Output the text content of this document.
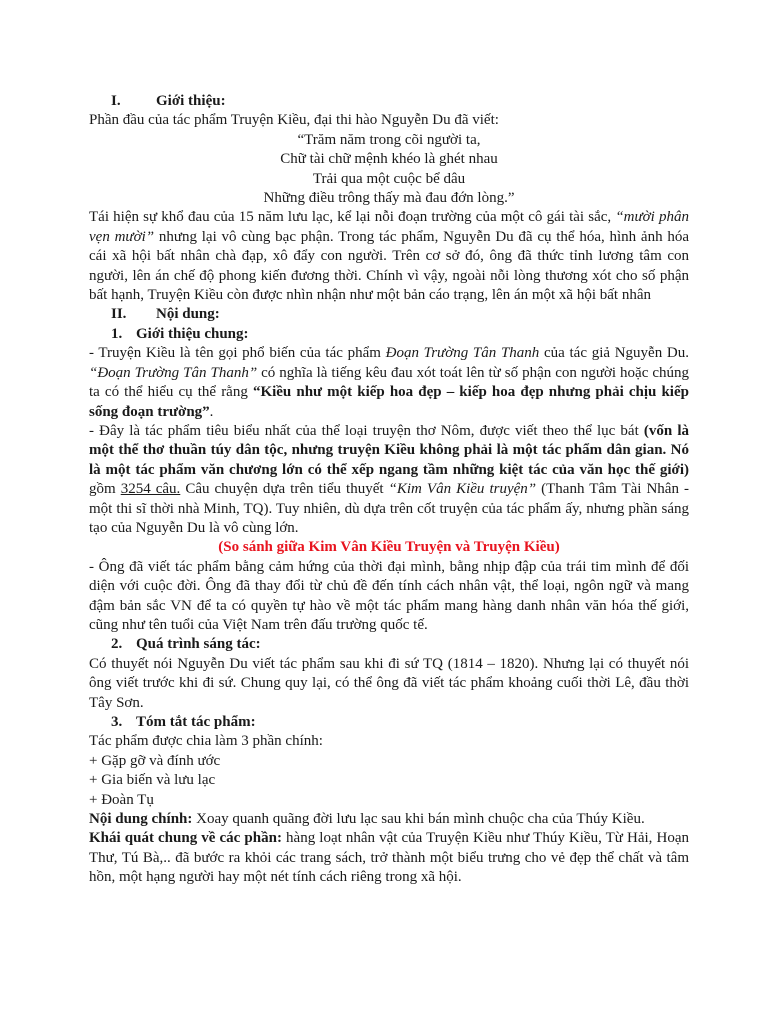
I. Giới thiệu:

Phần đầu của tác phẩm Truyện Kiều, đại thi hào Nguyễn Du đã viết:

“Trăm năm trong cõi người ta,

Chữ tài chữ mệnh khéo là ghét nhau

Trải qua một cuộc bể dâu

Những điều trông thấy mà đau đớn lòng.”

Tái hiện sự khổ đau của 15 năm lưu lạc, kể lại nỗi đoạn trường của một cô gái tài sắc, “mười phân vẹn mười” nhưng lại vô cùng bạc phận. Trong tác phẩm, Nguyễn Du đã cụ thể hóa, hình ảnh hóa cái xã hội bất nhân chà đạp, xô đẩy con người. Trên cơ sở đó, ông đã thức tỉnh lương tâm con người, lên án chế độ phong kiến đương thời. Chính vì vậy, ngoài nỗi lòng thương xót cho số phận bất hạnh, Truyện Kiều còn được nhìn nhận như một bản cáo trạng, lên án một xã hội bất nhân

II. Nội dung:

1. Giới thiệu chung:

- Truyện Kiều là tên gọi phổ biến của tác phẩm Đoạn Trường Tân Thanh của tác giả Nguyễn Du. “Đoạn Trường Tân Thanh” có nghĩa là tiếng kêu đau xót toát lên từ số phận con người hoặc chúng ta có thể hiểu cụ thể rằng “Kiều như một kiếp hoa đẹp – kiếp hoa đẹp nhưng phải chịu kiếp sống đoạn trường”.

- Đây là tác phẩm tiêu biểu nhất của thể loại truyện thơ Nôm, được viết theo thể lục bát (vốn là một thể thơ thuần túy dân tộc, nhưng truyện Kiều không phải là một tác phẩm dân gian. Nó là một tác phẩm văn chương lớn có thể xếp ngang tầm những kiệt tác của văn học thế giới) gồm 3254 câu. Câu chuyện dựa trên tiểu thuyết “Kim Vân Kiều truyện” (Thanh Tâm Tài Nhân - một thi sĩ thời nhà Minh, TQ). Tuy nhiên, dù dựa trên cốt truyện của tác phẩm ấy, nhưng phần sáng tạo của Nguyễn Du là vô cùng lớn.

(So sánh giữa Kim Vân Kiều Truyện và Truyện Kiều)

- Ông đã viết tác phẩm bằng cảm hứng của thời đại mình, bằng nhịp đập của trái tim mình để đối diện với cuộc đời. Ông đã thay đổi từ chủ đề đến tính cách nhân vật, thể loại, ngôn ngữ và mang đậm bản sắc VN để ta có quyền tự hào về một tác phẩm mang hàng danh nhân văn hóa thế giới, cũng như tên tuổi của Việt Nam trên đấu trường quốc tế.

2. Quá trình sáng tác:

Có thuyết nói Nguyễn Du viết tác phẩm sau khi đi sứ TQ (1814 – 1820). Nhưng lại có thuyết nói ông viết trước khi đi sứ. Chung quy lại, có thể ông đã viết tác phẩm khoảng cuối thời Lê, đầu thời Tây Sơn.

3. Tóm tắt tác phẩm:

Tác phẩm được chia làm 3 phần chính:

+ Gặp gỡ và đính ước

+ Gia biến và lưu lạc

+ Đoàn Tụ

Nội dung chính: Xoay quanh quãng đời lưu lạc sau khi bán mình chuộc cha của Thúy Kiều.

Khái quát chung về các phần: hàng loạt nhân vật của Truyện Kiều như Thúy Kiều, Từ Hải, Hoạn Thư, Tú Bà,.. đã bước ra khỏi các trang sách, trở thành một biểu trưng cho vẻ đẹp thể chất và tâm hồn, một hạng người hay một nét tính cách riêng trong xã hội.
